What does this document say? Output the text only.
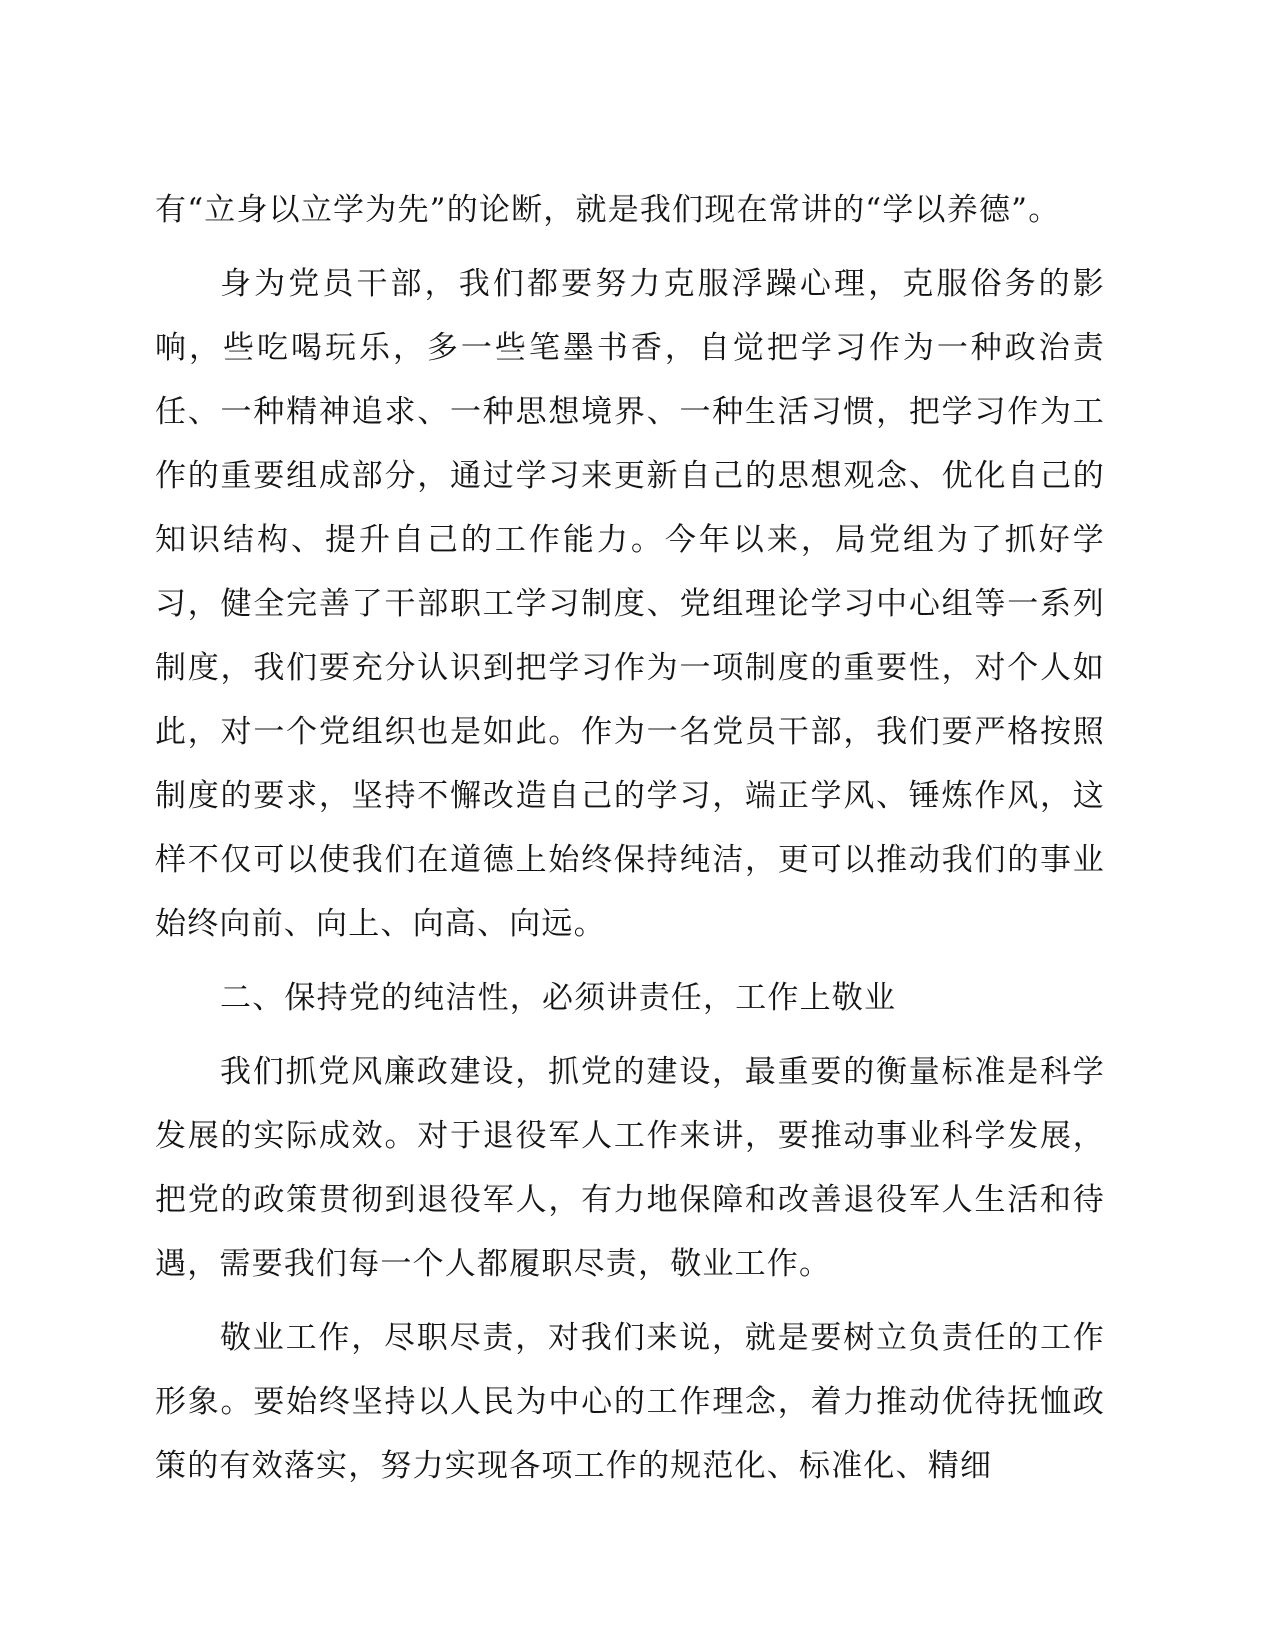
有“立身以立学为先”的论断，就是我们现在常讲的“学以养德”。

身为党员干部，我们都要努力克服浮躁心理，克服俗务的影响，些吃喝玩乐，多一些笔墨书香，自觉把学习作为一种政治责任、一种精神追求、一种思想境界、一种生活习惯，把学习作为工作的重要组成部分，通过学习来更新自己的思想观念、优化自己的知识结构、提升自己的工作能力。今年以来，局党组为了抓好学习，健全完善了干部职工学习制度、党组理论学习中心组等一系列制度，我们要充分认识到把学习作为一项制度的重要性，对个人如此，对一个党组织也是如此。作为一名党员干部，我们要严格按照制度的要求，坚持不懈改造自己的学习，端正学风、锤炼作风，这样不仅可以使我们在道德上始终保持纯洁，更可以推动我们的事业始终向前、向上、向高、向远。

二、保持党的纯洁性，必须讲责任，工作上敬业

我们抓党风廉政建设，抓党的建设，最重要的衡量标准是科学发展的实际成效。对于退役军人工作来讲，要推动事业科学发展，把党的政策贯彻到退役军人，有力地保障和改善退役军人生活和待遇，需要我们每一个人都履职尽责，敬业工作。

敬业工作，尽职尽责，对我们来说，就是要树立负责任的工作形象。要始终坚持以人民为中心的工作理念，着力推动优待抚恤政策的有效落实，努力实现各项工作的规范化、标准化、精细
